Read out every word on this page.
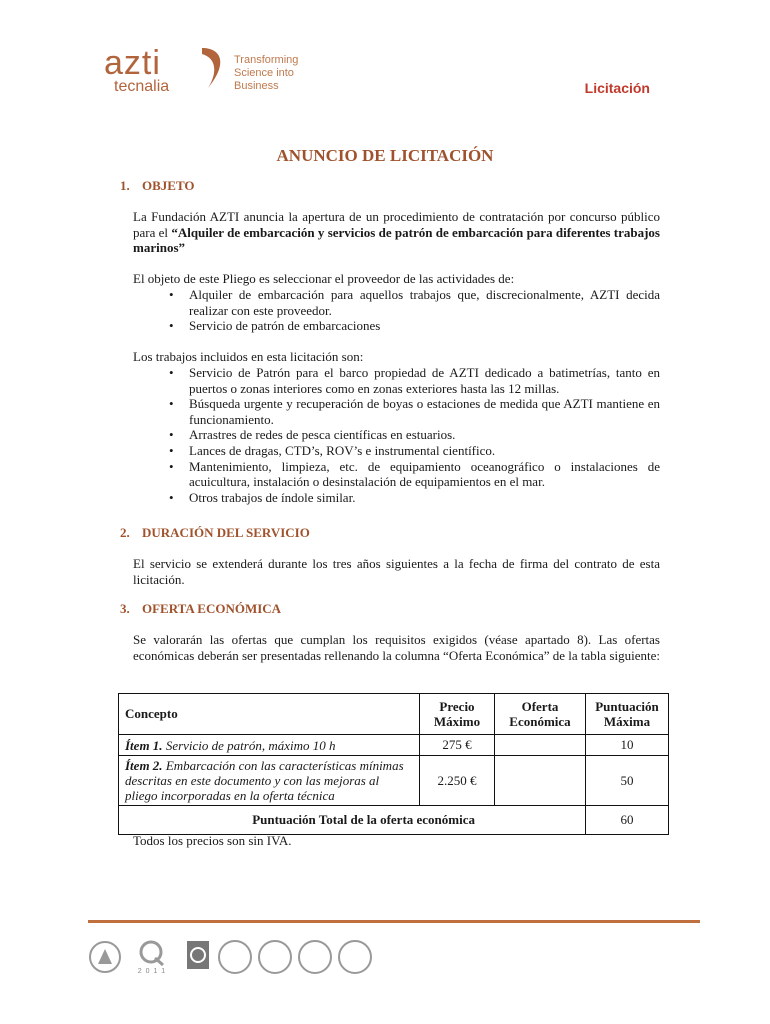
azti
tecnalia
Transforming
Science into
Business	Licitación
ANUNCIO DE LICITACIÓN
1. OBJETO
La Fundación AZTI anuncia la apertura de un procedimiento de contratación por concurso público para el “Alquiler de embarcación y servicios de patrón de embarcación para diferentes trabajos marinos”
El objeto de este Pliego es seleccionar el proveedor de las actividades de:
• Alquiler de embarcación para aquellos trabajos que, discrecionalmente, AZTI decida realizar con este proveedor.
• Servicio de patrón de embarcaciones
Los trabajos incluidos en esta licitación son:
• Servicio de Patrón para el barco propiedad de AZTI dedicado a batimetrías, tanto en puertos o zonas interiores como en zonas exteriores hasta las 12 millas.
• Búsqueda urgente y recuperación de boyas o estaciones de medida que AZTI mantiene en funcionamiento.
• Arrastres de redes de pesca científicas en estuarios.
• Lances de dragas, CTD’s, ROV’s e instrumental científico.
• Mantenimiento, limpieza, etc. de equipamiento oceanográfico o instalaciones de acuicultura, instalación o desinstalación de equipamientos en el mar.
• Otros trabajos de índole similar.
2. DURACIÓN DEL SERVICIO
El servicio se extenderá durante los tres años siguientes a la fecha de firma del contrato de esta licitación.
3. OFERTA ECONÓMICA
Se valorarán las ofertas que cumplan los requisitos exigidos (véase apartado 8). Las ofertas económicas deberán ser presentadas rellenando la columna “Oferta Económica” de la tabla siguiente:
Concepto	Precio Máximo	Oferta Económica	Puntuación Máxima
Ítem 1. Servicio de patrón, máximo 10 h	275 €		10
Ítem 2. Embarcación con las características mínimas descritas en este documento y con las mejoras al pliego incorporadas en la oferta técnica	2.250 €		50
Puntuación Total de la oferta económica			60
Todos los precios son sin IVA.
2 0 1 1
